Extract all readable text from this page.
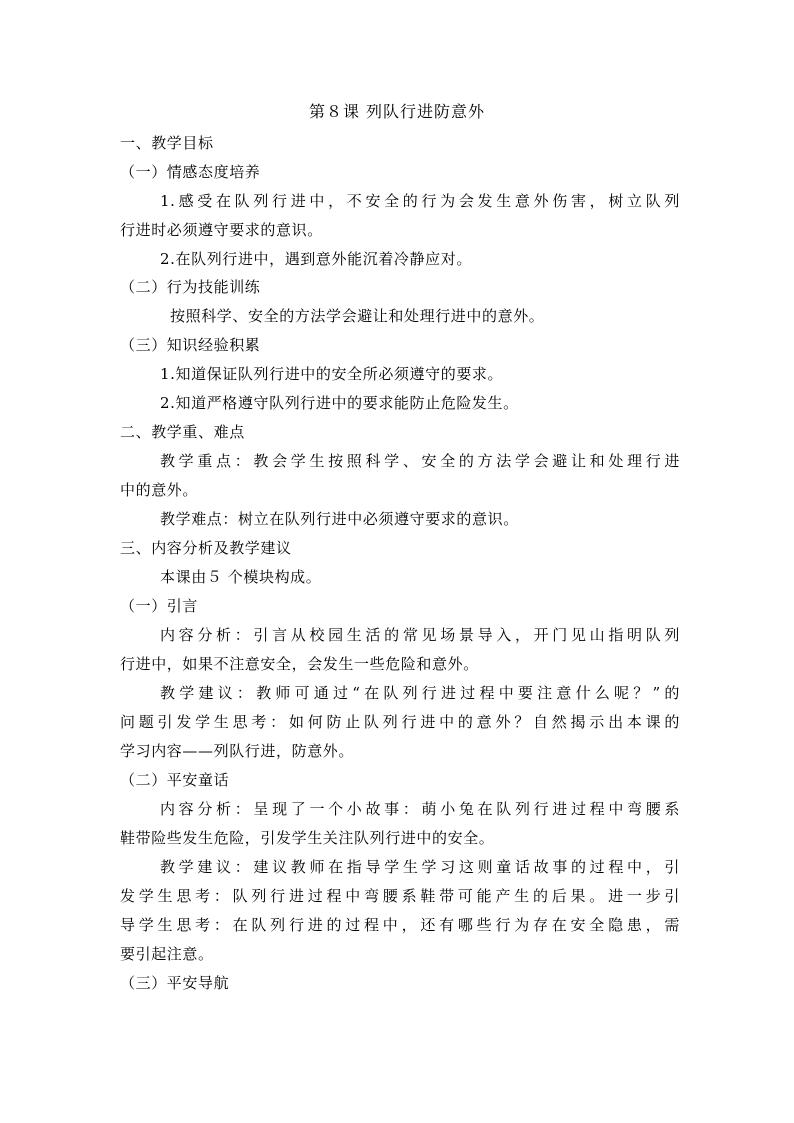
第８课 列队行进防意外
一、教学目标
（一）情感态度培养
1.感受在队列行进中，不安全的行为会发生意外伤害，树立队列
行进时必须遵守要求的意识。
2.在队列行进中，遇到意外能沉着冷静应对。
（二）行为技能训练
按照科学、安全的方法学会避让和处理行进中的意外。
（三）知识经验积累
1.知道保证队列行进中的安全所必须遵守的要求。
2.知道严格遵守队列行进中的要求能防止危险发生。
二、教学重、难点
教学重点：教会学生按照科学、安全的方法学会避让和处理行进
中的意外。
教学难点：树立在队列行进中必须遵守要求的意识。
三、内容分析及教学建议
本课由５ 个模块构成。
（一）引言
内容分析：引言从校园生活的常见场景导入，开门见山指明队列
行进中，如果不注意安全，会发生一些危险和意外。
教学建议：教师可通过“在队列行进过程中要注意什么呢？”的
问题引发学生思考：如何防止队列行进中的意外？自然揭示出本课的
学习内容——列队行进，防意外。
（二）平安童话
内容分析：呈现了一个小故事：萌小兔在队列行进过程中弯腰系
鞋带险些发生危险，引发学生关注队列行进中的安全。
教学建议：建议教师在指导学生学习这则童话故事的过程中，引
发学生思考：队列行进过程中弯腰系鞋带可能产生的后果。进一步引
导学生思考：在队列行进的过程中，还有哪些行为存在安全隐患，需
要引起注意。
（三）平安导航
